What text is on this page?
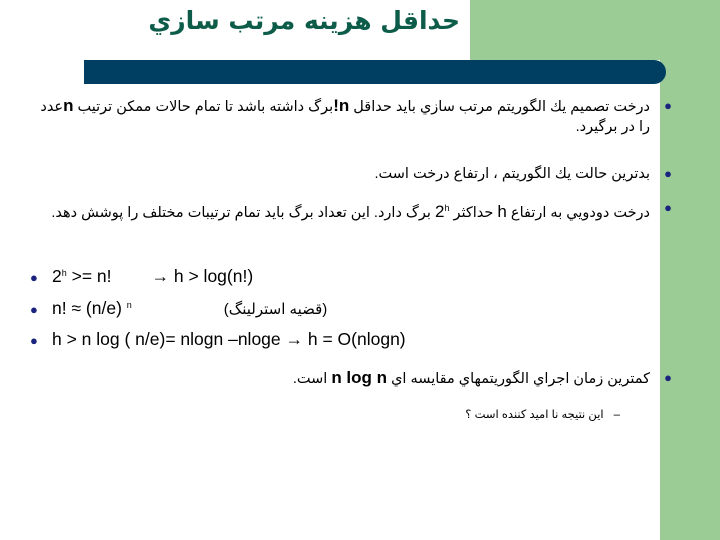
حداقل هزينه مرتب سازي
●
درخت تصميم يك الگوريتم مرتب سازي بايد حداقل n!برگ داشته باشد تا تمام حالات ممكن ترتيب nعدد را در برگيرد.
●
بدترين حالت يك الگوريتم ، ارتفاع درخت است.
●
درخت دودويي به ارتفاع h حداكثر 2$^h$ برگ دارد. اين تعداد برگ بايد تمام ترتيبات مختلف را پوشش دهد.
● $2^h >= n$! → h > log(n!)
● n! ≈ (n/e) $^n$	(قضيه استرلينگ)
● h > n log ( n/e)= nlogn –nloge → h = O(nlogn)
●
كمترين زمان اجراي الگوريتمهاي مقايسه اي n log n است.
–اين نتيجه نا اميد كننده است ؟
